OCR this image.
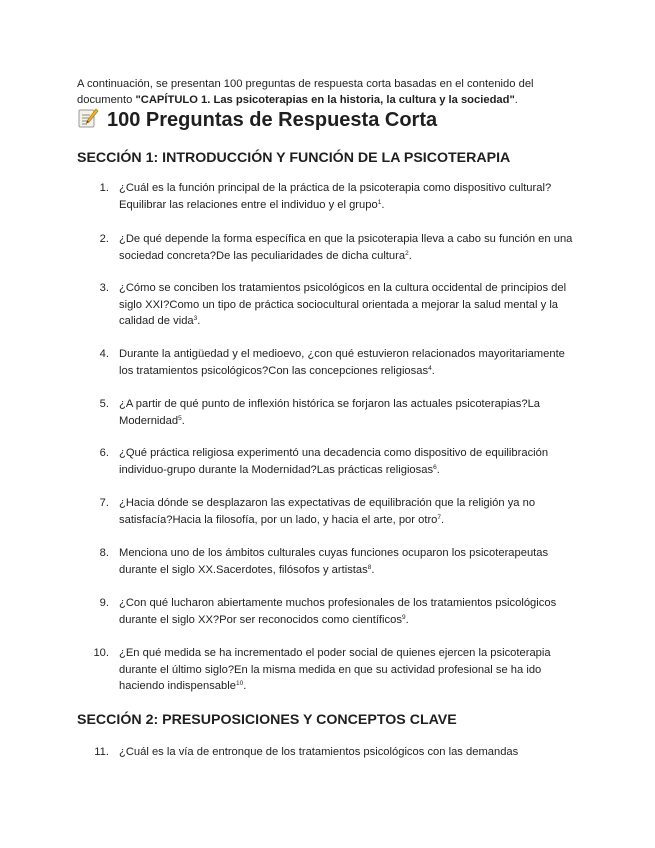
A continuación, se presentan 100 preguntas de respuesta corta basadas en el contenido del documento "CAPÍTULO 1. Las psicoterapias en la historia, la cultura y la sociedad".
100 Preguntas de Respuesta Corta
SECCIÓN 1: INTRODUCCIÓN Y FUNCIÓN DE LA PSICOTERAPIA
1. ¿Cuál es la función principal de la práctica de la psicoterapia como dispositivo cultural?Equilibrar las relaciones entre el individuo y el grupo$^1$.
2. ¿De qué depende la forma específica en que la psicoterapia lleva a cabo su función en una sociedad concreta?De las peculiaridades de dicha cultura$^2$.
3. ¿Cómo se conciben los tratamientos psicológicos en la cultura occidental de principios del siglo XXI?Como un tipo de práctica sociocultural orientada a mejorar la salud mental y la calidad de vida$^3$.
4. Durante la antigüedad y el medioevo, ¿con qué estuvieron relacionados mayoritariamente los tratamientos psicológicos?Con las concepciones religiosas$^4$.
5. ¿A partir de qué punto de inflexión histórica se forjaron las actuales psicoterapias?La Modernidad$^5$.
6. ¿Qué práctica religiosa experimentó una decadencia como dispositivo de equilibración individuo-grupo durante la Modernidad?Las prácticas religiosas$^6$.
7. ¿Hacia dónde se desplazaron las expectativas de equilibración que la religión ya no satisfacía?Hacia la filosofía, por un lado, y hacia el arte, por otro$^7$.
8. Menciona uno de los ámbitos culturales cuyas funciones ocuparon los psicoterapeutas durante el siglo XX.Sacerdotes, filósofos y artistas$^8$.
9. ¿Con qué lucharon abiertamente muchos profesionales de los tratamientos psicológicos durante el siglo XX?Por ser reconocidos como científicos$^9$.
10. ¿En qué medida se ha incrementado el poder social de quienes ejercen la psicoterapia durante el último siglo?En la misma medida en que su actividad profesional se ha ido haciendo indispensable$^{10}$.
SECCIÓN 2: PRESUPOSICIONES Y CONCEPTOS CLAVE
11. ¿Cuál es la vía de entronque de los tratamientos psicológicos con las demandas
